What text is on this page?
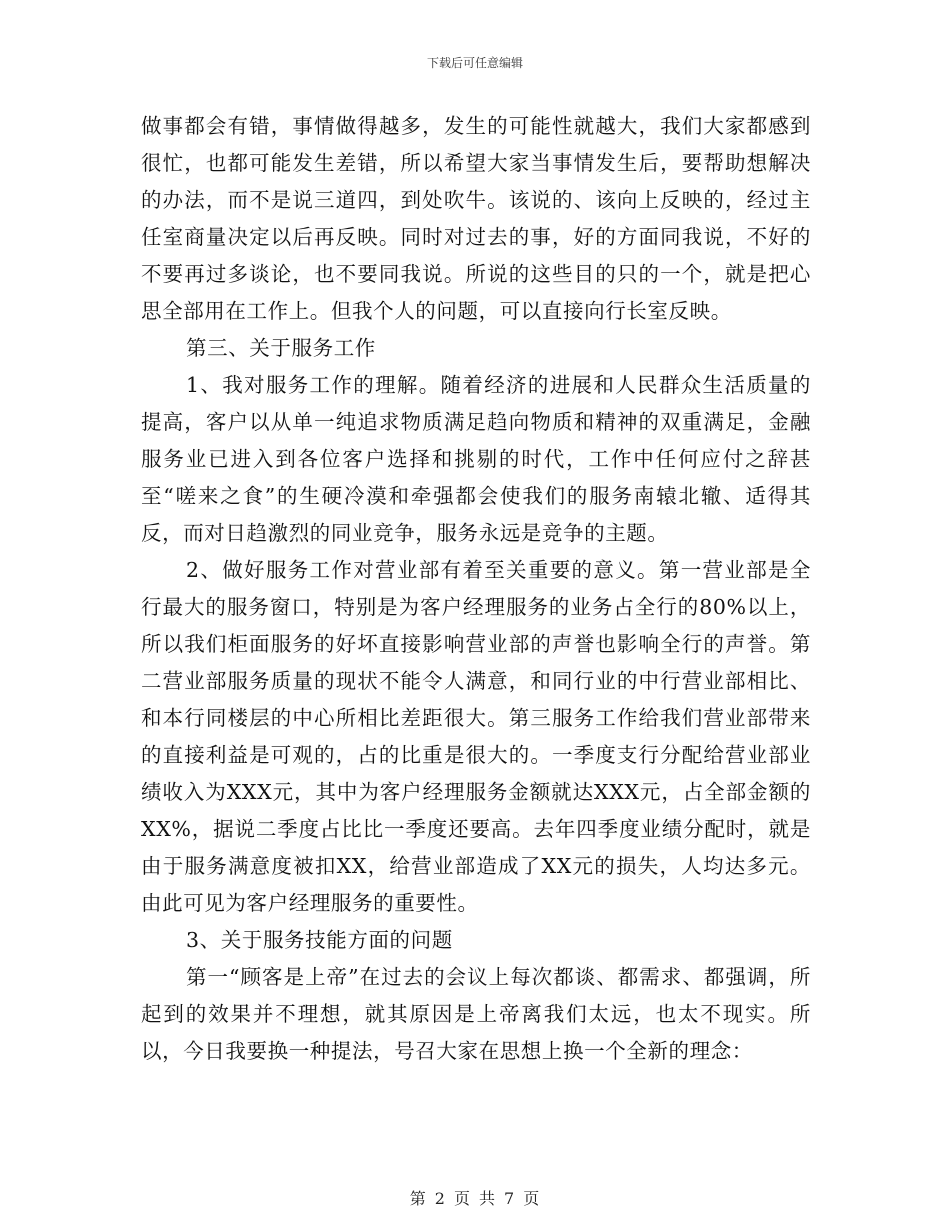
下载后可任意编辑

做事都会有错，事情做得越多，发生的可能性就越大，我们大家都感到很忙，也都可能发生差错，所以希望大家当事情发生后，要帮助想解决的办法，而不是说三道四，到处吹牛。该说的、该向上反映的，经过主任室商量决定以后再反映。同时对过去的事，好的方面同我说，不好的不要再过多谈论，也不要同我说。所说的这些目的只的一个，就是把心思全部用在工作上。但我个人的问题，可以直接向行长室反映。

第三、关于服务工作

1、我对服务工作的理解。随着经济的进展和人民群众生活质量的提高，客户以从单一纯追求物质满足趋向物质和精神的双重满足，金融服务业已进入到各位客户选择和挑剔的时代，工作中任何应付之辞甚至“嗟来之食”的生硬冷漠和牵强都会使我们的服务南辕北辙、适得其反，而对日趋激烈的同业竞争，服务永远是竞争的主题。

2、做好服务工作对营业部有着至关重要的意义。第一营业部是全行最大的服务窗口，特别是为客户经理服务的业务占全行的80%以上，所以我们柜面服务的好坏直接影响营业部的声誉也影响全行的声誉。第二营业部服务质量的现状不能令人满意，和同行业的中行营业部相比、和本行同楼层的中心所相比差距很大。第三服务工作给我们营业部带来的直接利益是可观的，占的比重是很大的。一季度支行分配给营业部业绩收入为XXX元，其中为客户经理服务金额就达XXX元，占全部金额的XX%，据说二季度占比比一季度还要高。去年四季度业绩分配时，就是由于服务满意度被扣XX，给营业部造成了XX元的损失，人均达多元。由此可见为客户经理服务的重要性。

3、关于服务技能方面的问题

第一“顾客是上帝”在过去的会议上每次都谈、都需求、都强调，所起到的效果并不理想，就其原因是上帝离我们太远，也太不现实。所以，今日我要换一种提法，号召大家在思想上换一个全新的理念：

第 2 页 共 7 页
